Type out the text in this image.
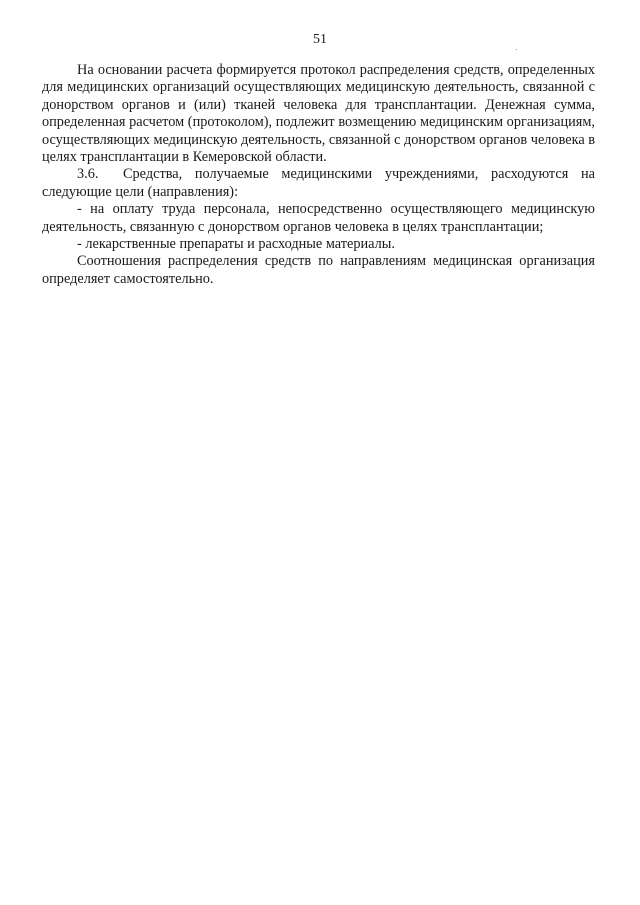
51

На основании расчета формируется протокол распределения средств, определенных для медицинских организаций осуществляющих медицинскую деятельность, связанной с донорством органов и (или) тканей человека для трансплантации. Денежная сумма, определенная расчетом (протоколом), подлежит возмещению медицинским организациям, осуществляющих медицинскую деятельность, связанной с донорством органов человека в целях трансплантации в Кемеровской области.

3.6. Средства, получаемые медицинскими учреждениями, расходуются на следующие цели (направления):

- на оплату труда персонала, непосредственно осуществляющего медицинскую деятельность, связанную с донорством органов человека в целях трансплантации;

- лекарственные препараты и расходные материалы.

Соотношения распределения средств по направлениям медицинская организация определяет самостоятельно.
